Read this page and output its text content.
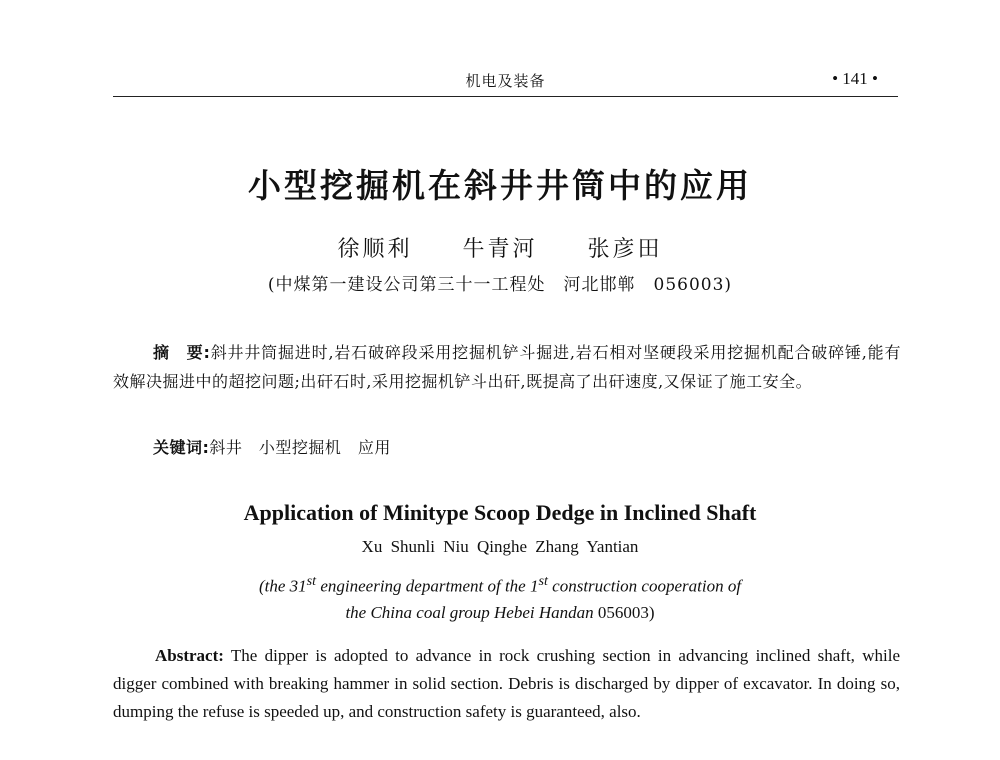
机电及装备	• 141 •
小型挖掘机在斜井井筒中的应用
徐顺利 牛青河 张彦田
(中煤第一建设公司第三十一工程处　河北邯郸　056003)

摘　要:斜井井筒掘进时,岩石破碎段采用挖掘机铲斗掘进,岩石相对坚硬段采用挖掘机配合破碎锤,能有效解决掘进中的超挖问题;出矸石时,采用挖掘机铲斗出矸,既提高了出矸速度,又保证了施工安全。

关键词:斜井　小型挖掘机　应用

Application of Minitype Scoop Dedge in Inclined Shaft
Xu Shunli Niu Qinghe Zhang Yantian
(the 31st engineering department of the 1st construction cooperation of
the China coal group Hebei Handan 056003)

Abstract: The dipper is adopted to advance in rock crushing section in advancing inclined shaft, while digger combined with breaking hammer in solid section. Debris is discharged by dipper of excavator. In doing so, dumping the refuse is speeded up, and construction safety is guaranteed, also.
